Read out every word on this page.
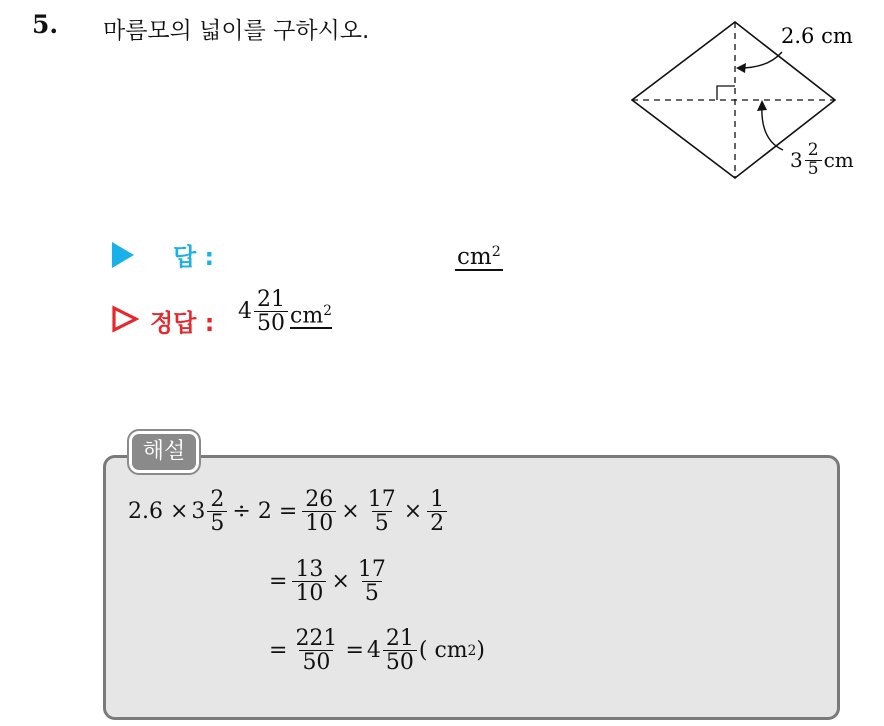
5. 마름모의 넓이를 구하시오.	2.6 cm
$3 \frac{2}{5}$ cm
답 :	$cm^2$
정답 : $4 \frac{21}{50} cm^2$
해설
$2.6 \times 3 \frac{2}{5} \div 2 = \frac{26}{10} \times \frac{17}{5} \times \frac{1}{2}$
= $\frac{13}{10} \times \frac{17}{5}$
= $\frac{221}{50} = 4 \frac{21}{50}$ ( cm 2 )
